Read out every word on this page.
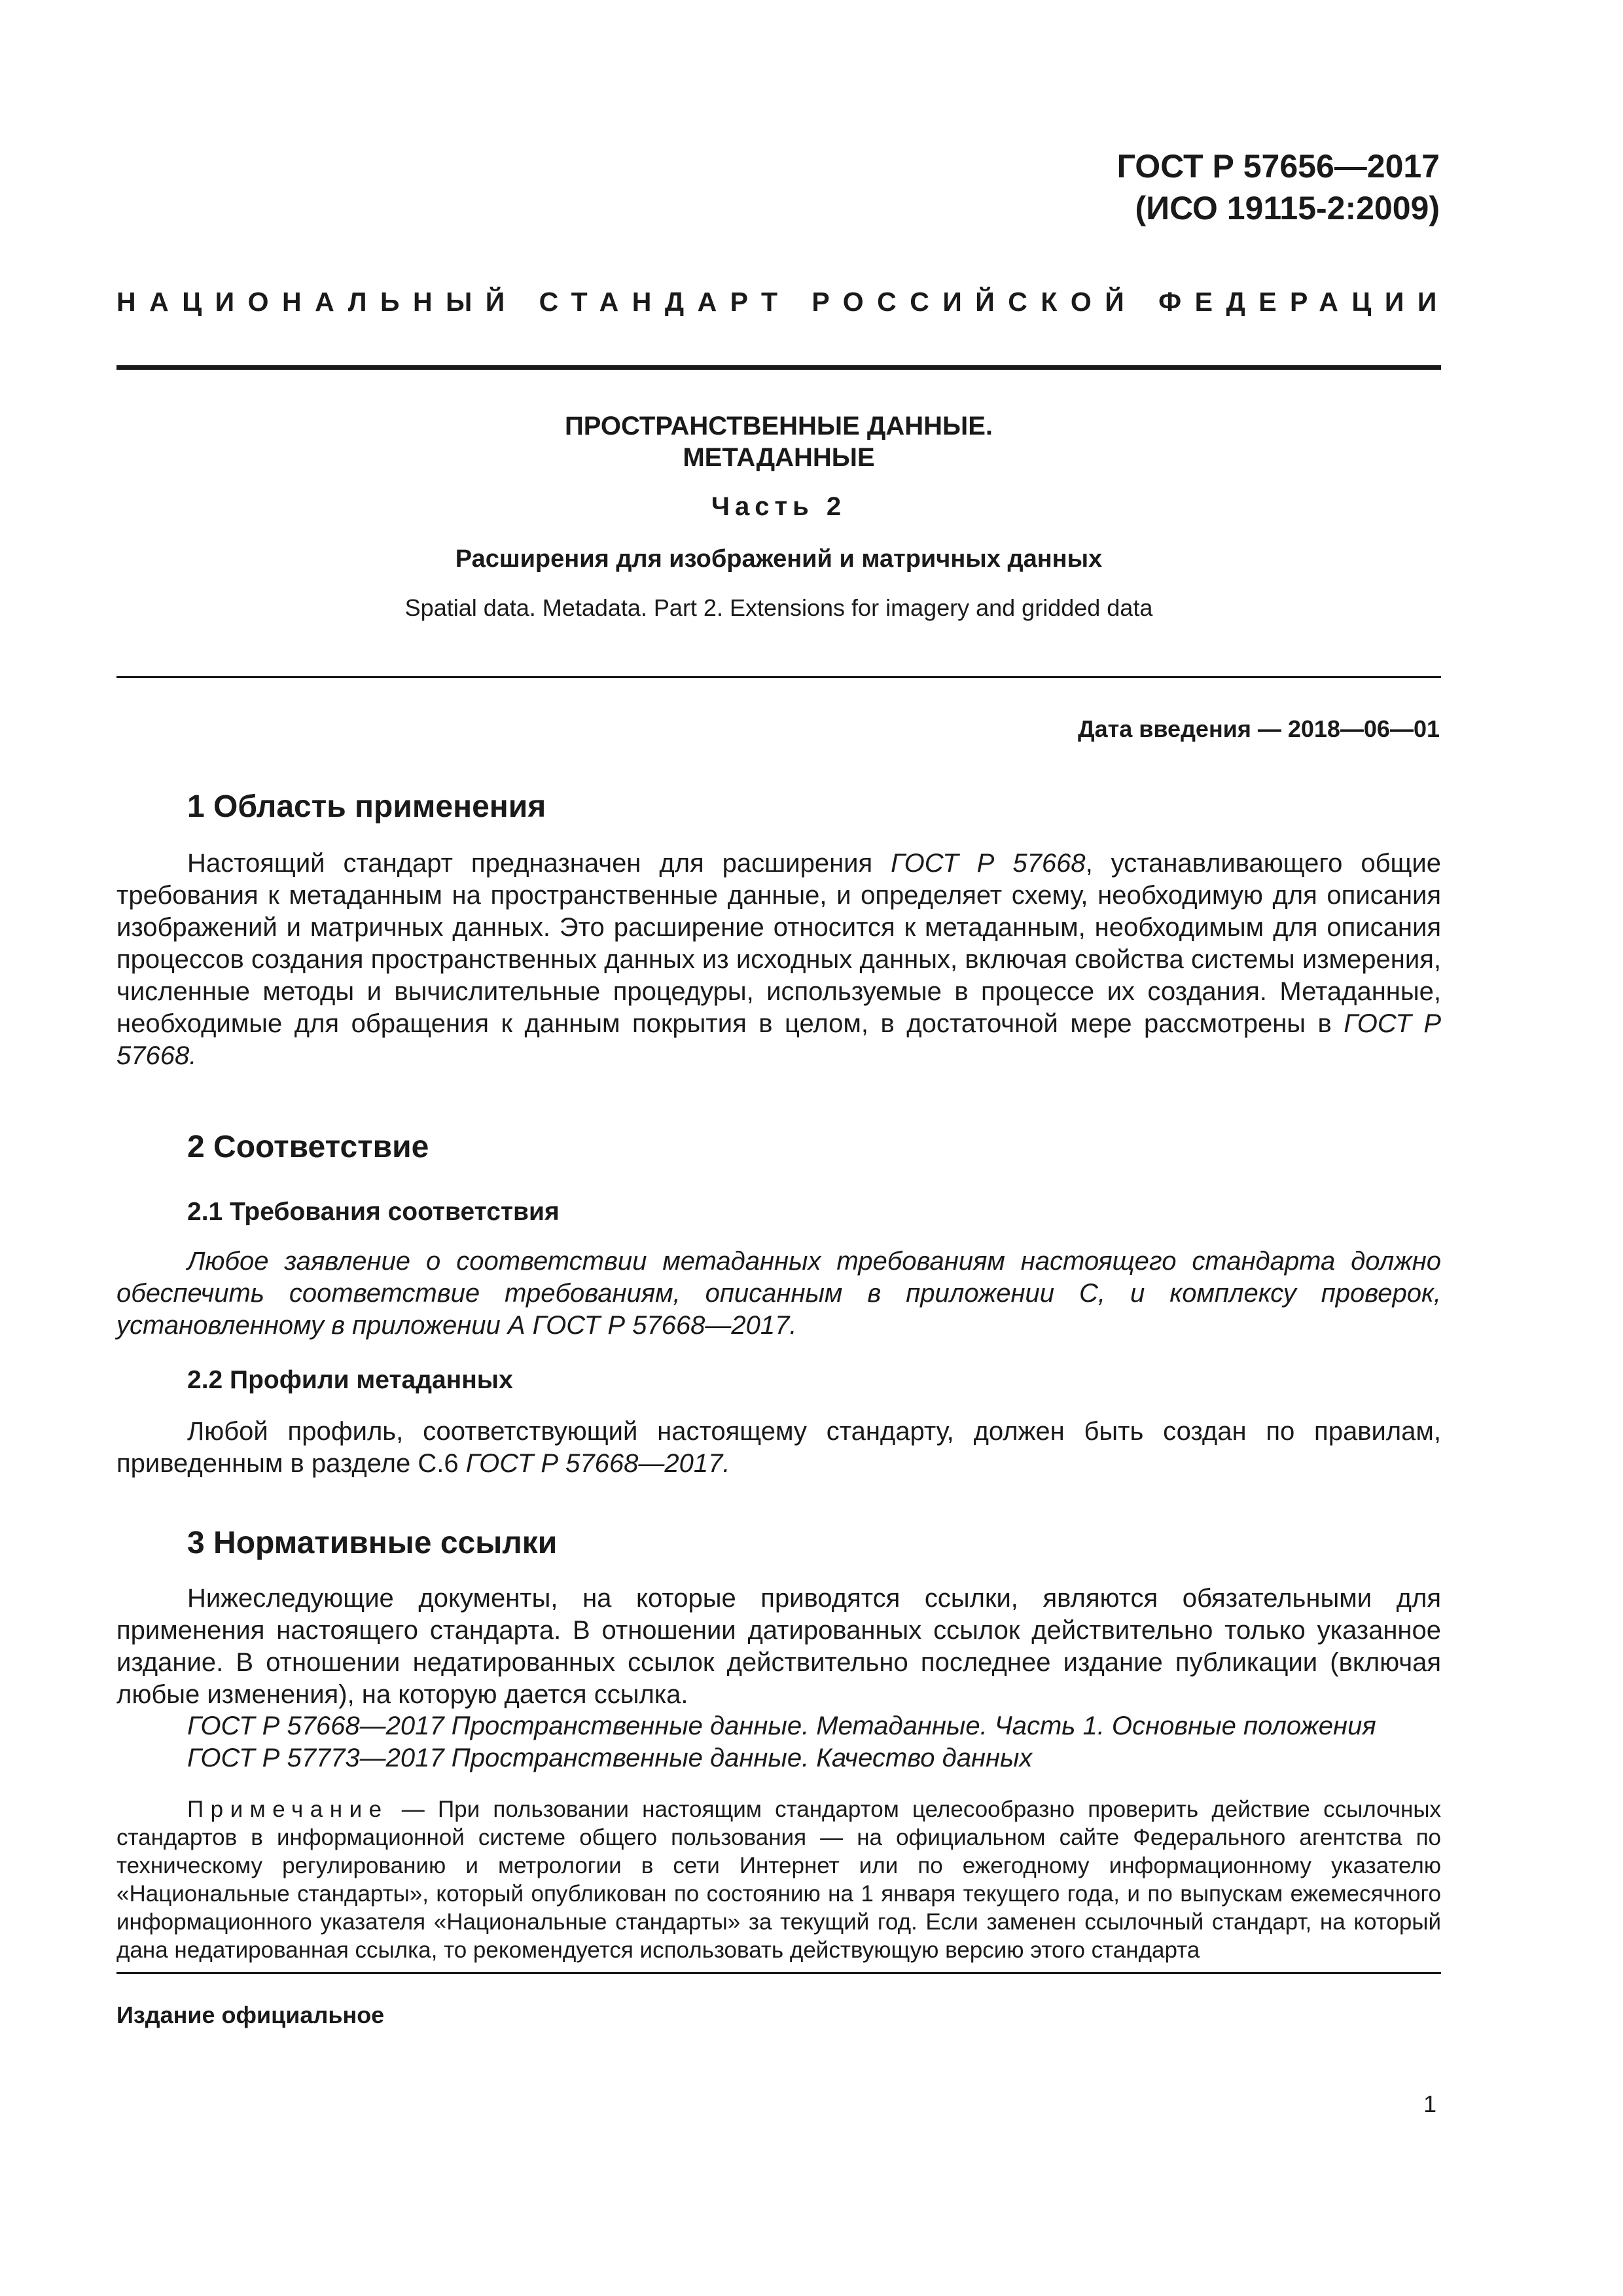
ГОСТ Р 57656—2017
(ИСО 19115-2:2009)
НАЦИОНАЛЬНЫЙ СТАНДАРТ РОССИЙСКОЙ ФЕДЕРАЦИИ
ПРОСТРАНСТВЕННЫЕ ДАННЫЕ.
МЕТАДАННЫЕ
Часть 2
Расширения для изображений и матричных данных
Spatial data. Metadata. Part 2. Extensions for imagery and gridded data
Дата введения — 2018—06—01
1 Область применения

Настоящий стандарт предназначен для расширения ГОСТ Р 57668, устанавливающего общие требования к метаданным на пространственные данные, и определяет схему, необходимую для описания изображений и матричных данных. Это расширение относится к метаданным, необходимым для описания процессов создания пространственных данных из исходных данных, включая свойства системы измерения, численные методы и вычислительные процедуры, используемые в процессе их создания. Метаданные, необходимые для обращения к данным покрытия в целом, в достаточной мере рассмотрены в ГОСТ Р 57668.

2 Соответствие
2.1 Требования соответствия

Любое заявление о соответствии метаданных требованиям настоящего стандарта должно обеспечить соответствие требованиям, описанным в приложении С, и комплексу проверок, установленному в приложении А ГОСТ Р 57668—2017.

2.2 Профили метаданных

Любой профиль, соответствующий настоящему стандарту, должен быть создан по правилам, приведенным в разделе С.6 ГОСТ Р 57668—2017.

3 Нормативные ссылки

Нижеследующие документы, на которые приводятся ссылки, являются обязательными для применения настоящего стандарта. В отношении датированных ссылок действительно только указанное издание. В отношении недатированных ссылок действительно последнее издание публикации (включая любые изменения), на которую дается ссылка.

ГОСТ Р 57668—2017 Пространственные данные. Метаданные. Часть 1. Основные положения
ГОСТ Р 57773—2017 Пространственные данные. Качество данных

Примечание — При пользовании настоящим стандартом целесообразно проверить действие ссылочных стандартов в информационной системе общего пользования — на официальном сайте Федерального агентства по техническому регулированию и метрологии в сети Интернет или по ежегодному информационному указателю «Национальные стандарты», который опубликован по состоянию на 1 января текущего года, и по выпускам ежемесячного информационного указателя «Национальные стандарты» за текущий год. Если заменен ссылочный стандарт, на который дана недатированная ссылка, то рекомендуется использовать действующую версию этого стандарта

Издание официальное
1
